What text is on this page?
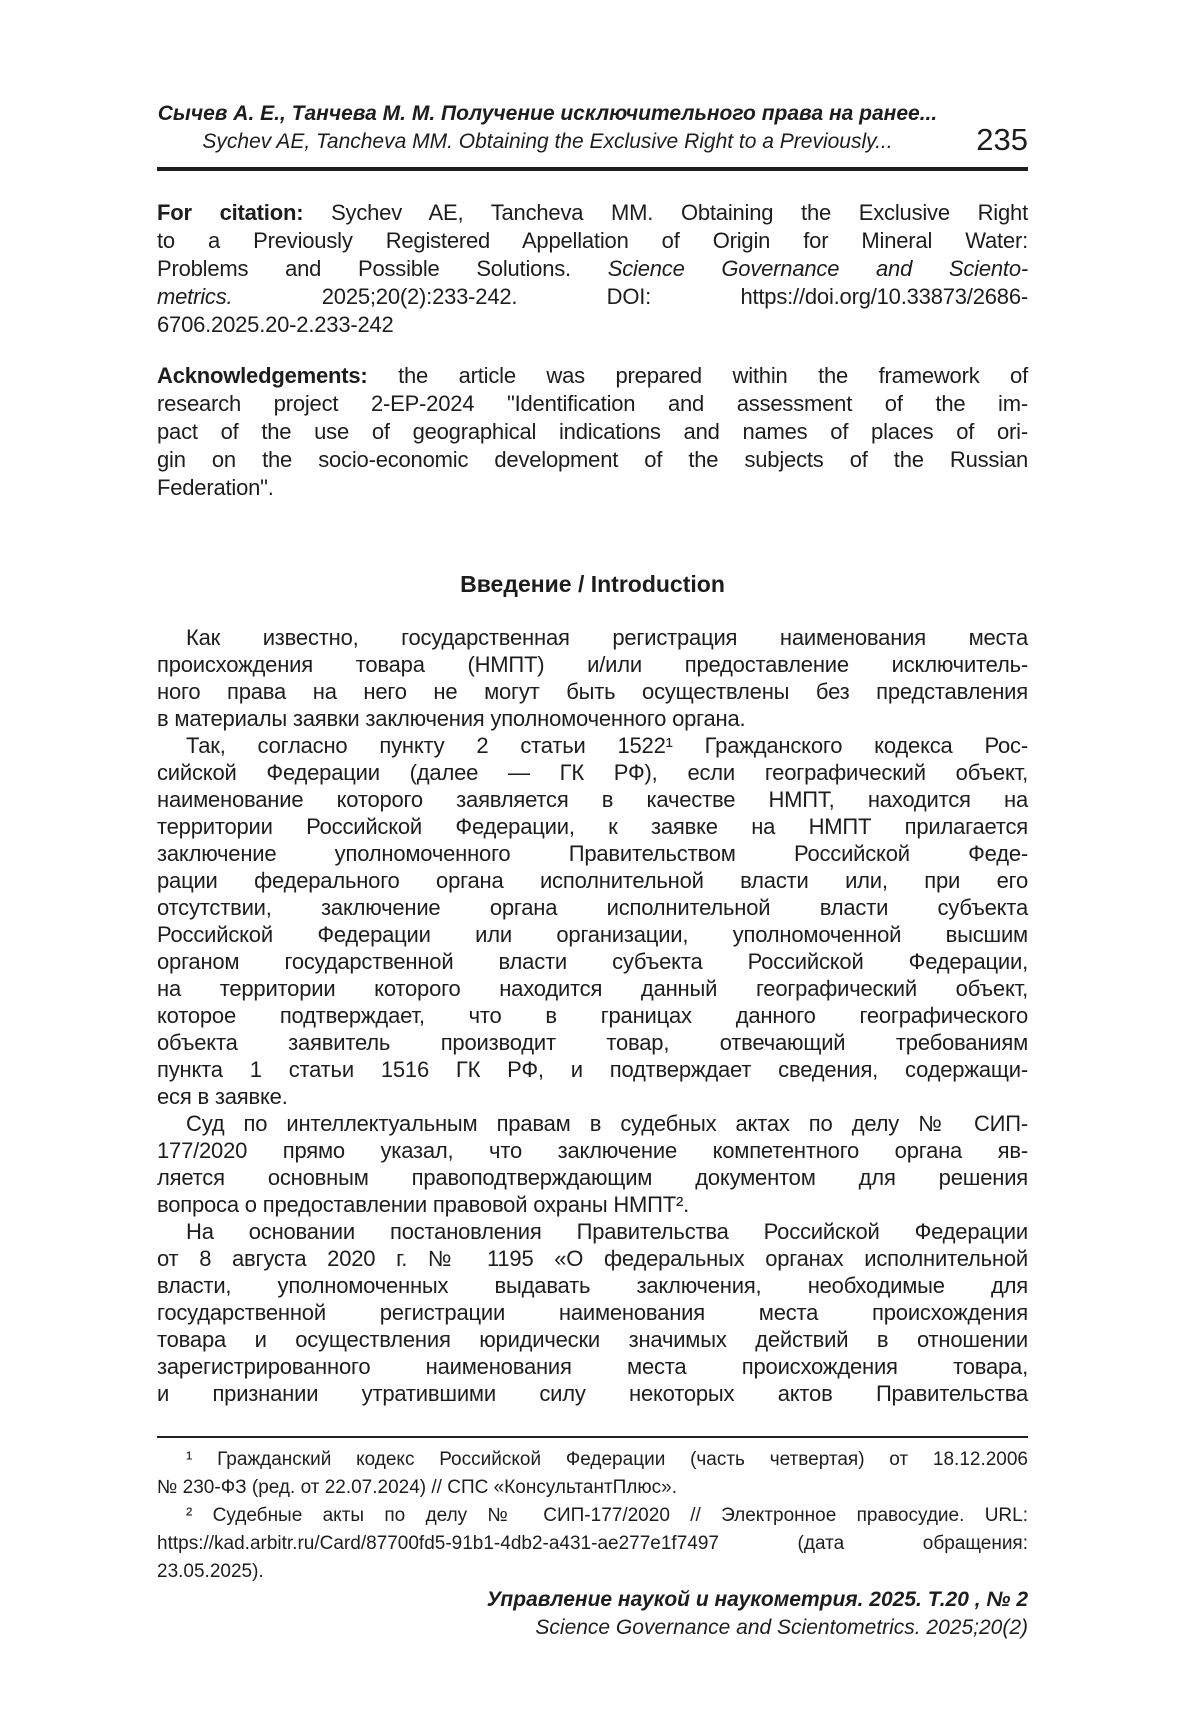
Сычев А. Е., Танчева М. М. Получение исключительного права на ранее...
Sychev AE, Tancheva MM. Obtaining the Exclusive Right to a Previously...	235
For citation: Sychev AE, Tancheva MM. Obtaining the Exclusive Right
to a Previously Registered Appellation of Origin for Mineral Water:
Problems and Possible Solutions. Science Governance and Sciento-
metrics. 2025;20(2):233-242. DOI: https://doi.org/10.33873/2686-
6706.2025.20-2.233-242
Acknowledgements: the article was prepared within the framework of
research project 2-EP-2024 "Identification and assessment of the im-
pact of the use of geographical indications and names of places of ori-
gin on the socio-economic development of the subjects of the Russian
Federation".
Введение / Introduction
Как известно, государственная регистрация наименования места
происхождения товара (НМПТ) и/или предоставление исключитель-
ного права на него не могут быть осуществлены без представления
в материалы заявки заключения уполномоченного органа.
Так, согласно пункту 2 статьи 1522¹ Гражданского кодекса Рос-
сийской Федерации (далее — ГК РФ), если географический объект,
наименование которого заявляется в качестве НМПТ, находится на
территории Российской Федерации, к заявке на НМПТ прилагается
заключение уполномоченного Правительством Российской Феде-
рации федерального органа исполнительной власти или, при его
отсутствии, заключение органа исполнительной власти субъекта
Российской Федерации или организации, уполномоченной высшим
органом государственной власти субъекта Российской Федерации,
на территории которого находится данный географический объект,
которое подтверждает, что в границах данного географического
объекта заявитель производит товар, отвечающий требованиям
пункта 1 статьи 1516 ГК РФ, и подтверждает сведения, содержащи-
еся в заявке.
Суд по интеллектуальным правам в судебных актах по делу № СИП-
177/2020 прямо указал, что заключение компетентного органа яв-
ляется основным правоподтверждающим документом для решения
вопроса о предоставлении правовой охраны НМПТ².
На основании постановления Правительства Российской Федерации
от 8 августа 2020 г. № 1195 «О федеральных органах исполнительной
власти, уполномоченных выдавать заключения, необходимые для
государственной регистрации наименования места происхождения
товара и осуществления юридически значимых действий в отношении
зарегистрированного наименования места происхождения товара,
и признании утратившими силу некоторых актов Правительства
¹ Гражданский кодекс Российской Федерации (часть четвертая) от 18.12.2006
№ 230-ФЗ (ред. от 22.07.2024) // СПС «КонсультантПлюс».
² Судебные акты по делу № СИП-177/2020 // Электронное правосудие. URL:
https://kad.arbitr.ru/Card/87700fd5-91b1-4db2-a431-ae277e1f7497 (дата обращения:
23.05.2025).
Управление наукой и наукометрия. 2025. Т.20 , № 2
Science Governance and Scientometrics. 2025;20(2)
